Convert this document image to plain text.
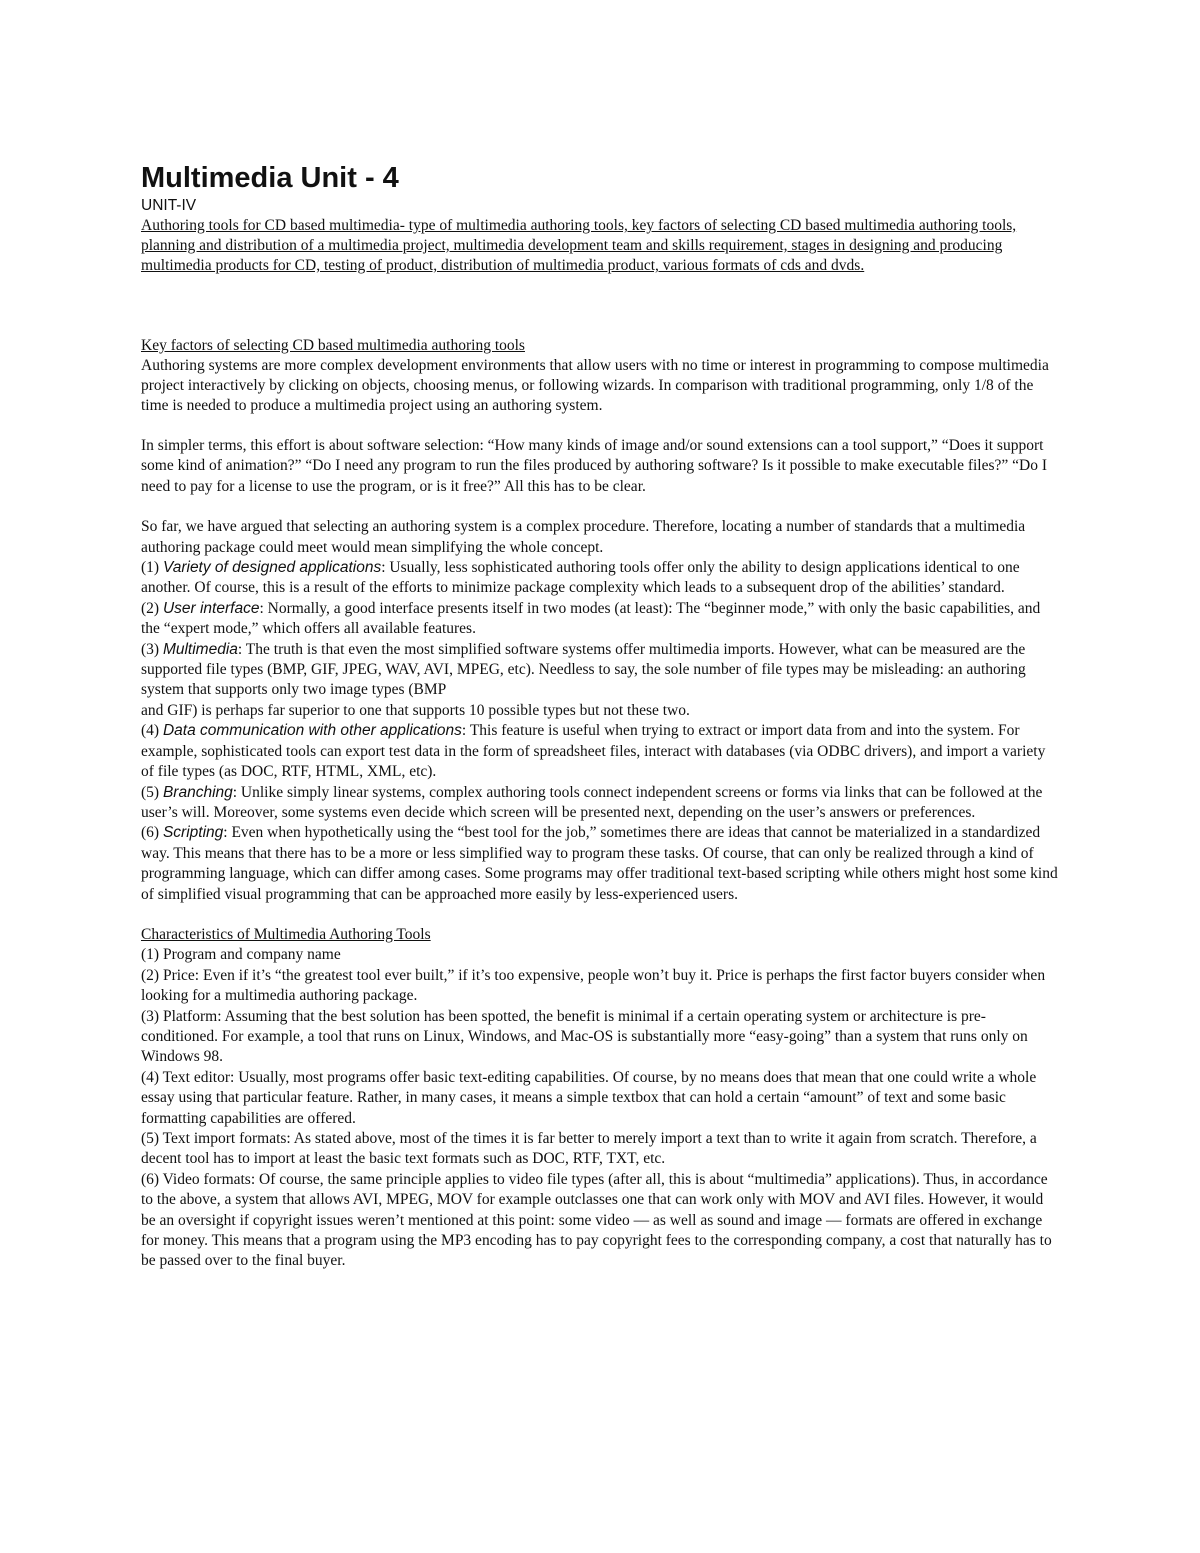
Multimedia Unit - 4
UNIT-IV

Authoring tools for CD based multimedia- type of multimedia authoring tools, key factors of selecting CD based multimedia authoring tools, planning and distribution of a multimedia project, multimedia development team and skills requirement, stages in designing and producing multimedia products for CD, testing of product, distribution of multimedia product, various formats of cds and dvds.

Key factors of selecting CD based multimedia authoring tools

Authoring systems are more complex development environments that allow users with no time or interest in programming to compose multimedia project interactively by clicking on objects, choosing menus, or following wizards. In comparison with traditional programming, only 1/8 of the time is needed to produce a multimedia project using an authoring system.

In simpler terms, this effort is about software selection: “How many kinds of image and/or sound extensions can a tool support,” “Does it support some kind of animation?” “Do I need any program to run the files produced by authoring software? Is it possible to make executable files?” “Do I need to pay for a license to use the program, or is it free?” All this has to be clear.

So far, we have argued that selecting an authoring system is a complex procedure. Therefore, locating a number of standards that a multimedia authoring package could meet would mean simplifying the whole concept.

(1) Variety of designed applications: Usually, less sophisticated authoring tools offer only the ability to design applications identical to one another. Of course, this is a result of the efforts to minimize package complexity which leads to a subsequent drop of the abilities’ standard.

(2) User interface: Normally, a good interface presents itself in two modes (at least): The “beginner mode,” with only the basic capabilities, and the “expert mode,” which offers all available features.

(3) Multimedia: The truth is that even the most simplified software systems offer multimedia imports. However, what can be measured are the supported file types (BMP, GIF, JPEG, WAV, AVI, MPEG, etc). Needless to say, the sole number of file types may be misleading: an authoring system that supports only two image types (BMP

and GIF) is perhaps far superior to one that supports 10 possible types but not these two.

(4) Data communication with other applications: This feature is useful when trying to extract or import data from and into the system. For example, sophisticated tools can export test data in the form of spreadsheet files, interact with databases (via ODBC drivers), and import a variety of file types (as DOC, RTF, HTML, XML, etc).

(5) Branching: Unlike simply linear systems, complex authoring tools connect independent screens or forms via links that can be followed at the user’s will. Moreover, some systems even decide which screen will be presented next, depending on the user’s answers or preferences.

(6) Scripting: Even when hypothetically using the “best tool for the job,” sometimes there are ideas that cannot be materialized in a standardized way. This means that there has to be a more or less simplified way to program these tasks. Of course, that can only be realized through a kind of programming language, which can differ among cases. Some programs may offer traditional text-based scripting while others might host some kind of simplified visual programming that can be approached more easily by less-experienced users.

Characteristics of Multimedia Authoring Tools

(1) Program and company name

(2) Price: Even if it’s “the greatest tool ever built,” if it’s too expensive, people won’t buy it. Price is perhaps the first factor buyers consider when looking for a multimedia authoring package.

(3) Platform: Assuming that the best solution has been spotted, the benefit is minimal if a certain operating system or architecture is pre-conditioned. For example, a tool that runs on Linux, Windows, and Mac-OS is substantially more “easy-going” than a system that runs only on Windows 98.

(4) Text editor: Usually, most programs offer basic text-editing capabilities. Of course, by no means does that mean that one could write a whole essay using that particular feature. Rather, in many cases, it means a simple textbox that can hold a certain “amount” of text and some basic formatting capabilities are offered.

(5) Text import formats: As stated above, most of the times it is far better to merely import a text than to write it again from scratch. Therefore, a decent tool has to import at least the basic text formats such as DOC, RTF, TXT, etc.

(6) Video formats: Of course, the same principle applies to video file types (after all, this is about “multimedia” applications). Thus, in accordance to the above, a system that allows AVI, MPEG, MOV for example outclasses one that can work only with MOV and AVI files. However, it would be an oversight if copyright issues weren’t mentioned at this point: some video — as well as sound and image — formats are offered in exchange for money. This means that a program using the MP3 encoding has to pay copyright fees to the corresponding company, a cost that naturally has to be passed over to the final buyer.
